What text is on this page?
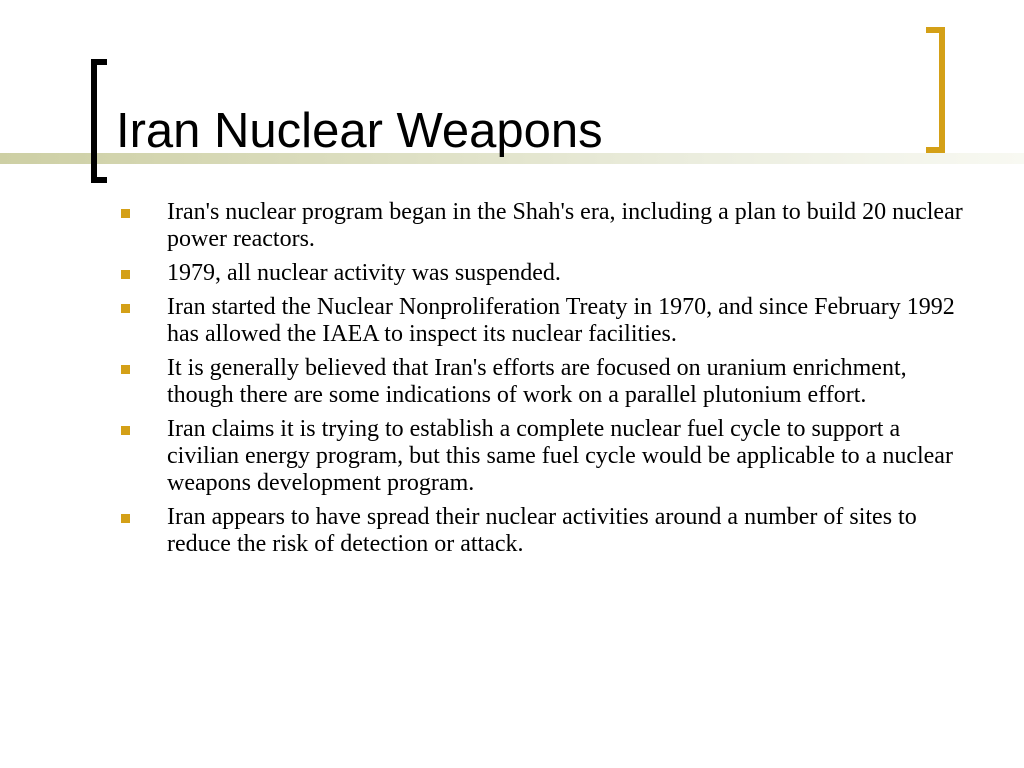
Iran Nuclear Weapons
Iran's nuclear program began in the Shah's era, including a plan to build 20 nuclear power reactors.
1979, all nuclear activity was suspended.
Iran started the Nuclear Nonproliferation Treaty in 1970, and since February 1992 has allowed the IAEA to inspect its nuclear facilities.
It is generally believed that Iran's efforts are focused on uranium enrichment, though there are some indications of work on a parallel plutonium effort.
Iran claims it is trying to establish a complete nuclear fuel cycle to support a civilian energy program, but this same fuel cycle would be applicable to a nuclear weapons development program.
Iran appears to have spread their nuclear activities around a number of sites to reduce the risk of detection or attack.
